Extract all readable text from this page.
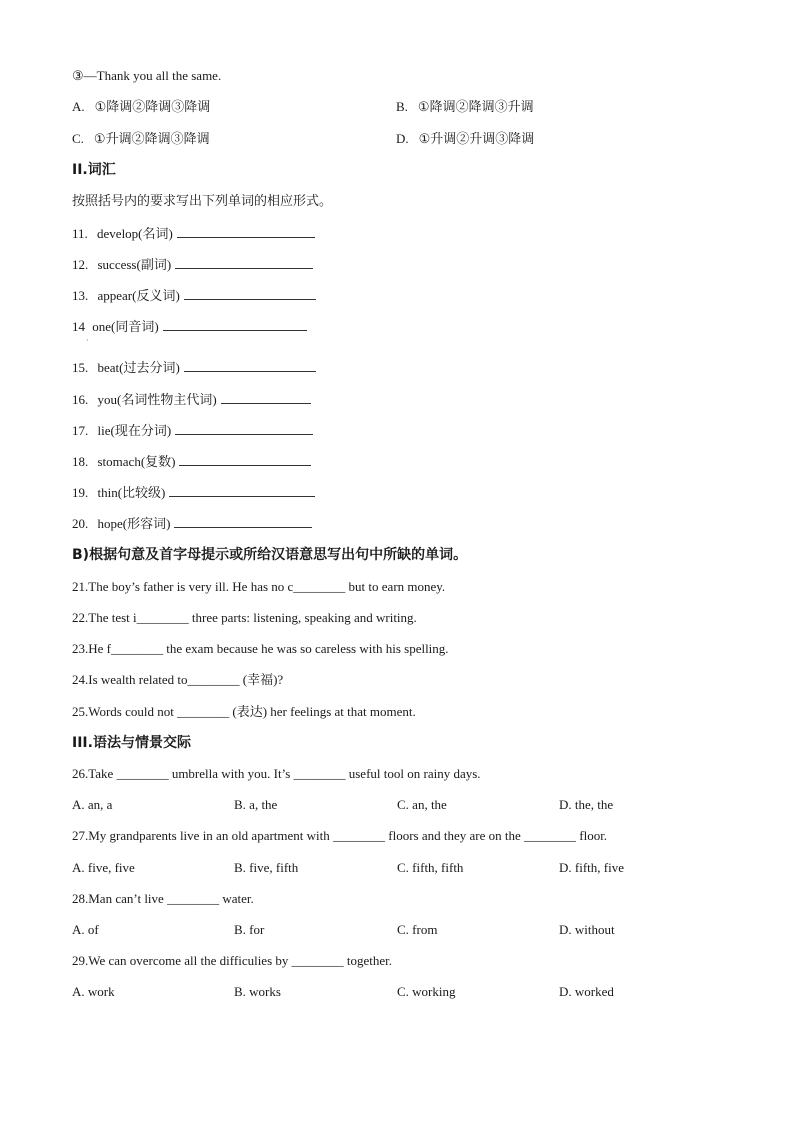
③—Thank you all the same.
A. ①降调②降调③降调	B. ①降调②降调③升调
C. ①升调②降调③降调	D. ①升调②升调③降调
II.词汇
按照括号内的要求写出下列单词的相应形式。
11. develop(名词)
12. success(副词)
13. appear(反义词)
14 one(同音词)
·
15. beat(过去分词)
16. you(名词性物主代词)
17. lie(现在分词)
18. stomach(复数)
19. thin(比较级)
20. hope(形容词)
B)根据句意及首字母提示或所给汉语意思写出句中所缺的单词。
21.The boy’s father is very ill. He has no c________ but to earn money.
22.The test i________ three parts: listening, speaking and writing.
23.He f________ the exam because he was so careless with his spelling.
24.Is wealth related to________ (幸福)?
25.Words could not ________ (表达) her feelings at that moment.
III.语法与情景交际
26.Take ________ umbrella with you. It’s ________ useful tool on rainy days.
A. an, a	B. a, the	C. an, the	D. the, the
27.My grandparents live in an old apartment with ________ floors and they are on the ________ floor.
A. five, five	B. five, fifth	C. fifth, fifth	D. fifth, five
28.Man can’t live ________ water.
A. of	B. for	C. from	D. without
29.We can overcome all the difficulies by ________ together.
A. work	B. works	C. working	D. worked
